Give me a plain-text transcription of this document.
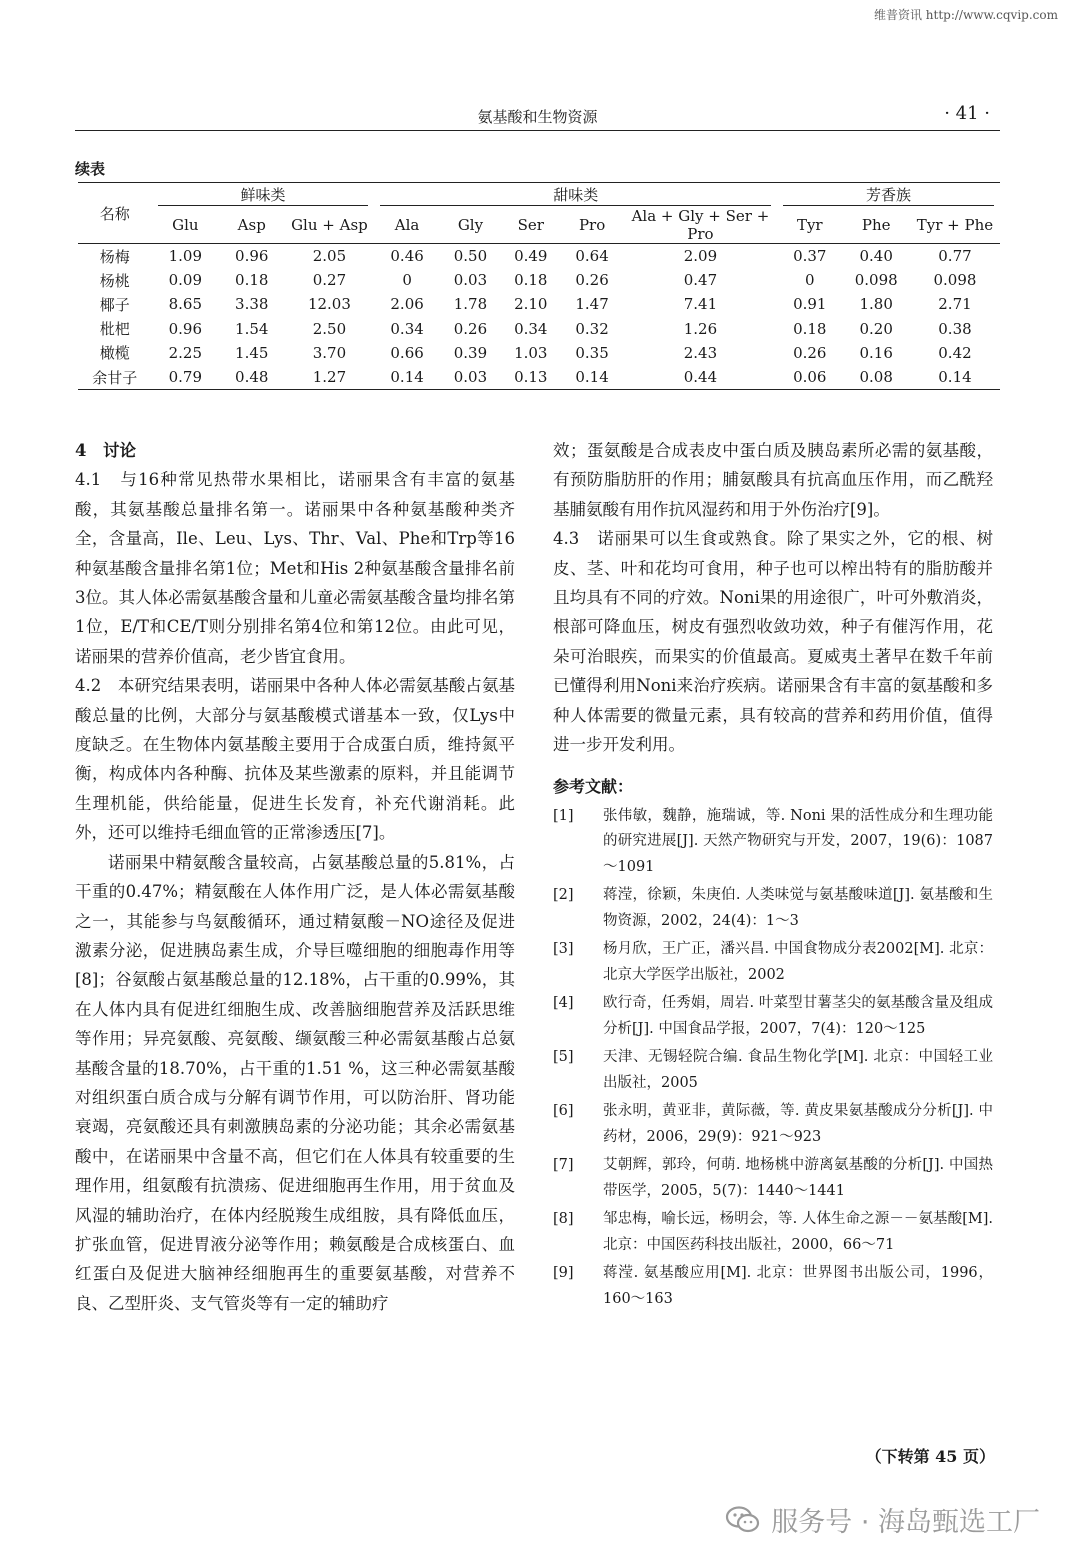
维普资讯 http://www.cqvip.com
氨基酸和生物资源	· 41 ·
续表
名称	鲜味类			甜味类					芳香族		

	Glu	Asp	Glu + Asp	Ala	Gly	Ser	Pro	Ala + Gly + Ser + Pro	Tyr	Phe	Tyr + Phe
杨梅	1.09	0.96	2.05	0.46	0.50	0.49	0.64	2.09	0.37	0.40	0.77
杨桃	0.09	0.18	0.27	0	0.03	0.18	0.26	0.47	0	0.098	0.098
椰子	8.65	3.38	12.03	2.06	1.78	2.10	1.47	7.41	0.91	1.80	2.71
枇杷	0.96	1.54	2.50	0.34	0.26	0.34	0.32	1.26	0.18	0.20	0.38
橄榄	2.25	1.45	3.70	0.66	0.39	1.03	0.35	2.43	0.26	0.16	0.42
余甘子	0.79	0.48	1.27	0.14	0.03	0.13	0.14	0.44	0.06	0.08	0.14

4　讨论

4.1　与16种常见热带水果相比，诺丽果含有丰富的氨基酸，其氨基酸总量排名第一。诺丽果中各种氨基酸种类齐全，含量高，Ile、Leu、Lys、Thr、Val、Phe和Trp等16种氨基酸含量排名第1位；Met和His 2种氨基酸含量排名前3位。其人体必需氨基酸含量和儿童必需氨基酸含量均排名第1位，E/T和CE/T则分别排名第4位和第12位。由此可见，诺丽果的营养价值高，老少皆宜食用。

4.2　本研究结果表明，诺丽果中各种人体必需氨基酸占氨基酸总量的比例，大部分与氨基酸模式谱基本一致，仅Lys中度缺乏。在生物体内氨基酸主要用于合成蛋白质，维持氮平衡，构成体内各种酶、抗体及某些激素的原料，并且能调节生理机能，供给能量，促进生长发育，补充代谢消耗。此外，还可以维持毛细血管的正常渗透压[7]。

诺丽果中精氨酸含量较高，占氨基酸总量的5.81%，占干重的0.47%；精氨酸在人体作用广泛，是人体必需氨基酸之一，其能参与鸟氨酸循环，通过精氨酸－NO途径及促进激素分泌，促进胰岛素生成，介导巨噬细胞的细胞毒作用等[8]；谷氨酸占氨基酸总量的12.18%，占干重的0.99%，其在人体内具有促进红细胞生成、改善脑细胞营养及活跃思维等作用；异亮氨酸、亮氨酸、缬氨酸三种必需氨基酸占总氨基酸含量的18.70%，占干重的1.51 %，这三种必需氨基酸对组织蛋白质合成与分解有调节作用，可以防治肝、肾功能衰竭，亮氨酸还具有刺激胰岛素的分泌功能；其余必需氨基酸中，在诺丽果中含量不高，但它们在人体具有较重要的生理作用，组氨酸有抗溃疡、促进细胞再生作用，用于贫血及风湿的辅助治疗，在体内经脱羧生成组胺，具有降低血压，扩张血管，促进胃液分泌等作用；赖氨酸是合成核蛋白、血红蛋白及促进大脑神经细胞再生的重要氨基酸，对营养不良、乙型肝炎、支气管炎等有一定的辅助疗

效；蛋氨酸是合成表皮中蛋白质及胰岛素所必需的氨基酸，有预防脂肪肝的作用；脯氨酸具有抗高血压作用，而乙酰羟基脯氨酸有用作抗风湿药和用于外伤治疗[9]。

4.3　诺丽果可以生食或熟食。除了果实之外，它的根、树皮、茎、叶和花均可食用，种子也可以榨出特有的脂肪酸并且均具有不同的疗效。Noni果的用途很广，叶可外敷消炎，根部可降血压，树皮有强烈收敛功效，种子有催泻作用，花朵可治眼疾，而果实的价值最高。夏威夷土著早在数千年前已懂得利用Noni来治疗疾病。诺丽果含有丰富的氨基酸和多种人体需要的微量元素，具有较高的营养和药用价值，值得进一步开发利用。

参考文献：

[1]	张伟敏，魏静，施瑞诚，等. Noni 果的活性成分和生理功能的研究进展[J]. 天然产物研究与开发，2007，19(6)：1087～1091
[2]	蒋滢，徐颖，朱庚伯. 人类味觉与氨基酸味道[J]. 氨基酸和生物资源，2002，24(4)：1～3
[3]	杨月欣，王广正，潘兴昌. 中国食物成分表2002[M]. 北京：北京大学医学出版社，2002
[4]	欧行奇，任秀娟，周岩. 叶菜型甘薯茎尖的氨基酸含量及组成分析[J]. 中国食品学报，2007，7(4)：120～125
[5]	天津、无锡轻院合编. 食品生物化学[M]. 北京：中国轻工业出版社，2005
[6]	张永明，黄亚非，黄际薇，等. 黄皮果氨基酸成分分析[J]. 中药材，2006，29(9)：921～923
[7]	艾朝辉，郭玲，何萌. 地杨桃中游离氨基酸的分析[J]. 中国热带医学，2005，5(7)：1440～1441
[8]	邹忠梅，喻长远，杨明会，等. 人体生命之源－－氨基酸[M]. 北京：中国医药科技出版社，2000，66～71
[9]	蒋滢. 氨基酸应用[M]. 北京：世界图书出版公司，1996，160～163
（下转第 45 页）
服务号 · 海岛甄选工厂
